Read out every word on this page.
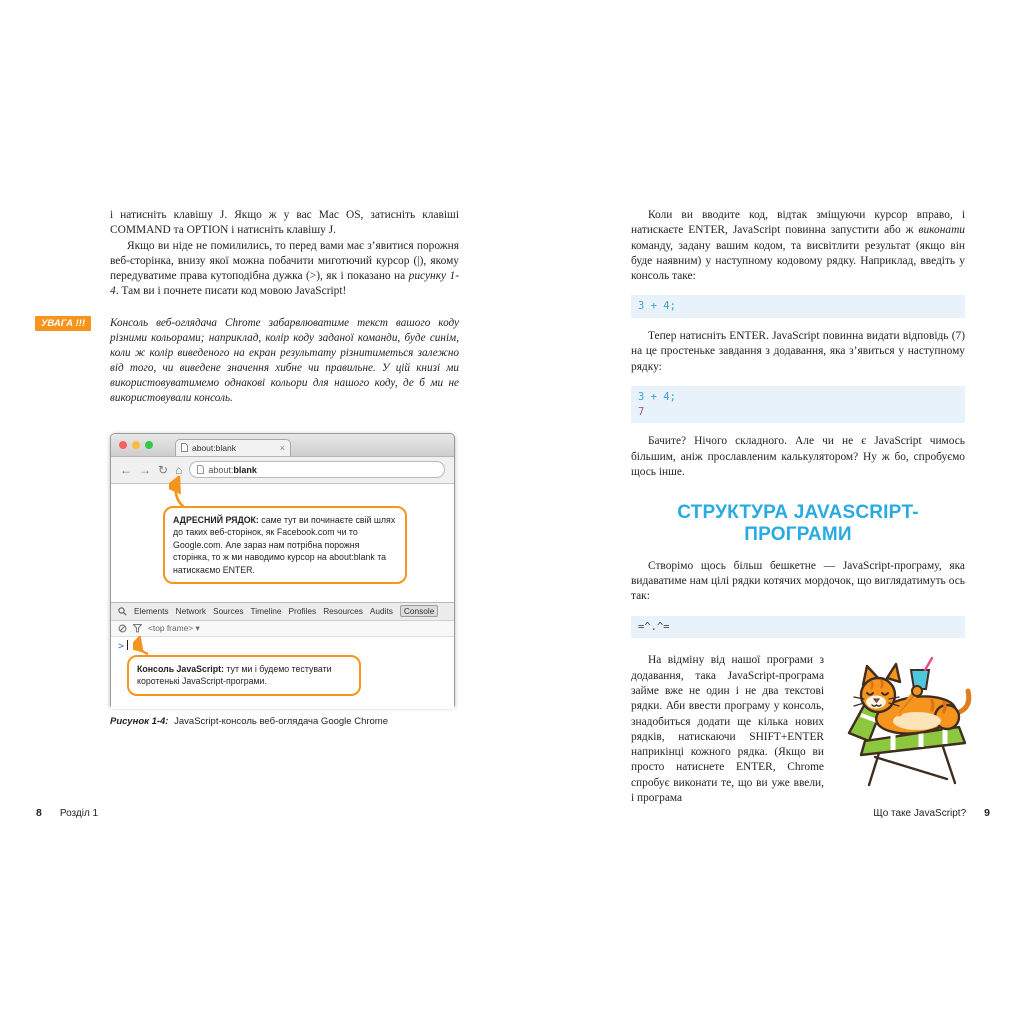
і натисніть клавішу J. Якщо ж у вас Mac OS, затисніть клавіші COMMAND та OPTION і натисніть клавішу J.

Якщо ви ніде не помилились, то перед вами має з’явитися порожня веб-сторінка, внизу якої можна побачити миготючий курсор (|), якому передуватиме права кутоподібна дужка (>), як і показано на рисунку 1-4. Там ви і почнете писати код мовою JavaScript!

УВАГА !!!	Консоль веб-оглядача Chrome забарвлюватиме текст вашого коду різними кольорами; наприклад, колір коду заданої команди, буде синім, коли ж колір виведеного на екран результату різнитиметься залежно від того, чи виведене значення хибне чи правильне. У цій книзі ми використовуватимемо однакові кольори для нашого коду, де б ми не використовували консоль.

about:blank	×
← → ↻ ⌂	about:blank
Elements Network Sources Timeline Profiles Resources Audits	Console
<top frame> ▾
>
АДРЕСНИЙ РЯДОК: саме тут ви починаєте свій шлях до таких веб-сторінок, як Facebook.com чи то Google.com. Але зараз нам потрібна порожня сторінка, то ж ми наводимо курсор на about:blank та натискаємо ENTER.
Консоль JavaScript: тут ми і будемо тестувати коротенькі JavaScript-програми.
Рисунок 1-4: JavaScript-консоль веб-оглядача Google Chrome

Коли ви вводите код, відтак зміщуючи курсор вправо, і натискаєте ENTER, JavaScript повинна запустити або ж виконати команду, задану вашим кодом, та висвітлити результат (якщо він буде наявним) у наступному кодовому рядку. Наприклад, введіть у консоль таке:

3 + 4;

Тепер натисніть ENTER. JavaScript повинна видати відповідь (7) на це простеньке завдання з додавання, яка з’явиться у наступному рядку:

3 + 4;
7

Бачите? Нічого складного. Але чи не є JavaScript чимось більшим, аніж прославленим калькулятором? Ну ж бо, спробуємо щось інше.

СТРУКТУРА JAVASCRIPT-ПРОГРАМИ

Створімо щось більш бешкетне — JavaScript-програму, яка видаватиме нам цілі рядки котячих мордочок, що виглядатимуть ось так:

=^.^=

На відміну від нашої програми з додавання, така JavaScript-програма займе вже не один і не два текстові рядки. Аби ввести програму у консоль, знадобиться додати ще кілька нових рядків, натискаючи SHIFT+ENTER наприкінці кожного рядка. (Якщо ви просто натиснете ENTER, Chrome спробує виконати те, що ви уже ввели, і програма

8 Розділ 1	Що таке JavaScript? 9
